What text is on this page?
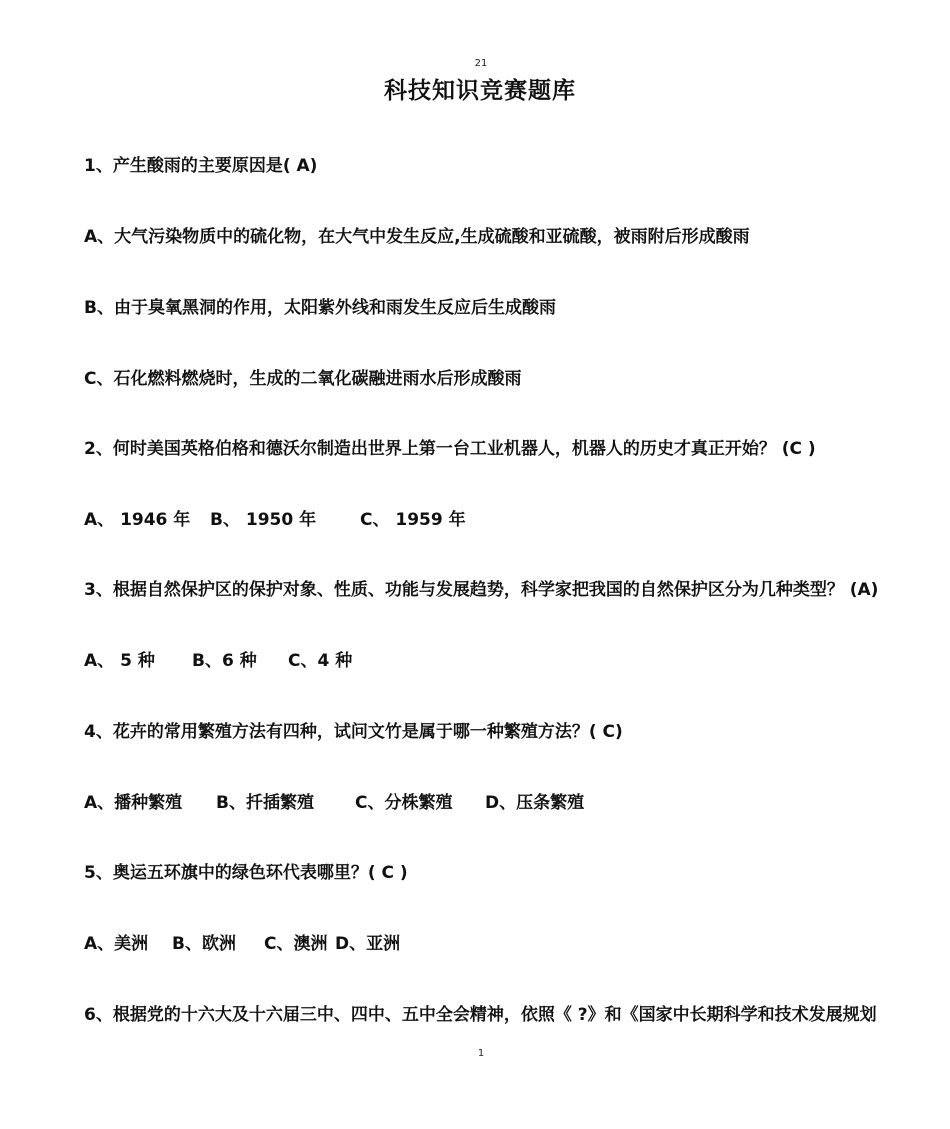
21
科技知识竞赛题库
1、产生酸雨的主要原因是( A)
A、大气污染物质中的硫化物，在大气中发生反应,生成硫酸和亚硫酸，被雨附后形成酸雨
B、由于臭氧黑洞的作用，太阳紫外线和雨发生反应后生成酸雨
C、石化燃料燃烧时，生成的二氧化碳融进雨水后形成酸雨
2、何时美国英格伯格和德沃尔制造出世界上第一台工业机器人，机器人的历史才真正开始？ (C )
A、 1946 年 B、 1950 年	C、 1959 年
3、根据自然保护区的保护对象、性质、功能与发展趋势，科学家把我国的自然保护区分为几种类型？ (A)
A、 5 种 B、6 种 C、4 种
4、花卉的常用繁殖方法有四种，试问文竹是属于哪一种繁殖方法？( C)
A、播种繁殖 B、扦插繁殖 C、分株繁殖 D、压条繁殖
5、奥运五环旗中的绿色环代表哪里？( C )
A、美洲 B、欧洲 C、澳洲 D、亚洲
6、根据党的十六大及十六届三中、四中、五中全会精神，依照《 ?》和《国家中长期科学和技术发展规划
1
